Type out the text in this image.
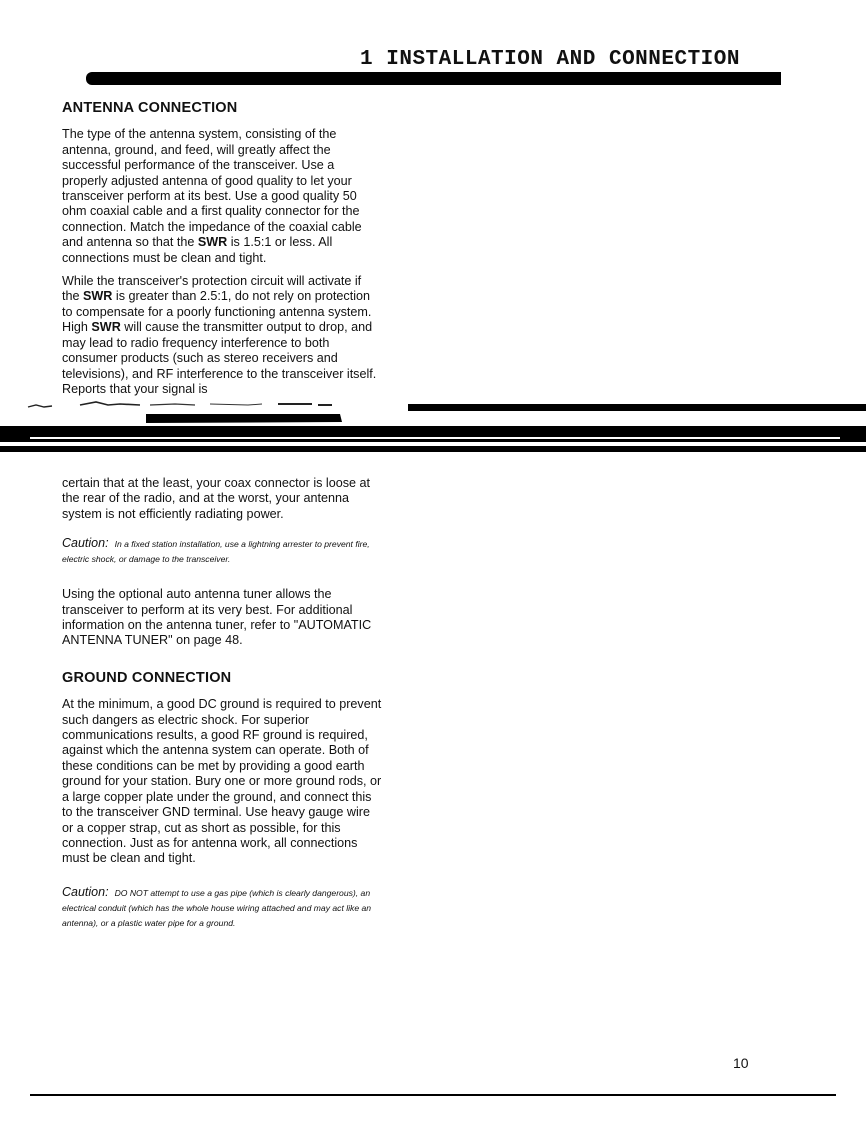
1 INSTALLATION AND CONNECTION
ANTENNA CONNECTION

The type of the antenna system, consisting of the antenna, ground, and feed, will greatly affect the successful performance of the transceiver. Use a properly adjusted antenna of good quality to let your transceiver perform at its best. Use a good quality 50 ohm coaxial cable and a first quality connector for the connection. Match the impedance of the coaxial cable and antenna so that the SWR is 1.5:1 or less. All connections must be clean and tight.

While the transceiver's protection circuit will activate if the SWR is greater than 2.5:1, do not rely on protection to compensate for a poorly functioning antenna system. High SWR will cause the transmitter output to drop, and may lead to radio frequency interference to both consumer products (such as stereo receivers and televisions), and RF interference to the transceiver itself. Reports that your signal is

certain that at the least, your coax connector is loose at the rear of the radio, and at the worst, your antenna system is not efficiently radiating power.

Caution: In a fixed station installation, use a lightning arrester to prevent fire, electric shock, or damage to the transceiver.

Using the optional auto antenna tuner allows the transceiver to perform at its very best. For additional information on the antenna tuner, refer to "AUTOMATIC ANTENNA TUNER" on page 48.

GROUND CONNECTION

At the minimum, a good DC ground is required to prevent such dangers as electric shock. For superior communications results, a good RF ground is required, against which the antenna system can operate. Both of these conditions can be met by providing a good earth ground for your station. Bury one or more ground rods, or a large copper plate under the ground, and connect this to the transceiver GND terminal. Use heavy gauge wire or a copper strap, cut as short as possible, for this connection. Just as for antenna work, all connections must be clean and tight.

Caution: DO NOT attempt to use a gas pipe (which is clearly dangerous), an electrical conduit (which has the whole house wiring attached and may act like an antenna), or a plastic water pipe for a ground.

10
